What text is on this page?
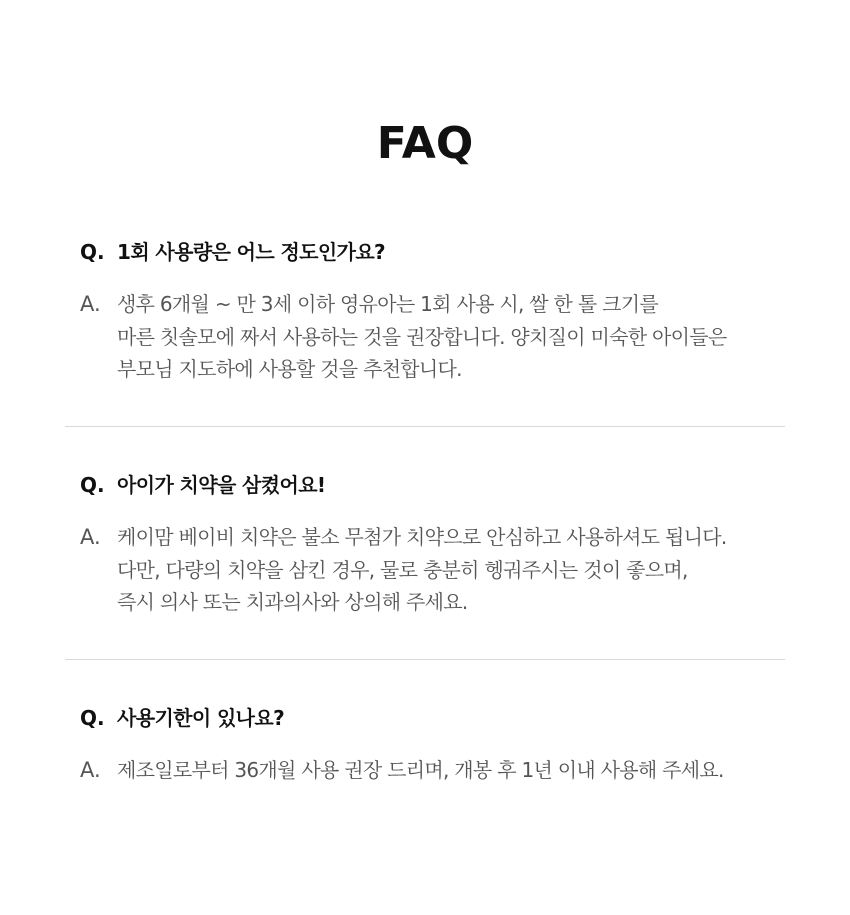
FAQ
Q. 1회 사용량은 어느 정도인가요?
A. 생후 6개월 ~ 만 3세 이하 영유아는 1회 사용 시, 쌀 한 톨 크기를
마른 칫솔모에 짜서 사용하는 것을 권장합니다. 양치질이 미숙한 아이들은
부모님 지도하에 사용할 것을 추천합니다.
Q. 아이가 치약을 삼켰어요!
A. 케이맘 베이비 치약은 불소 무첨가 치약으로 안심하고 사용하셔도 됩니다.
다만, 다량의 치약을 삼킨 경우, 물로 충분히 헹궈주시는 것이 좋으며,
즉시 의사 또는 치과의사와 상의해 주세요.
Q. 사용기한이 있나요?
A. 제조일로부터 36개월 사용 권장 드리며, 개봉 후 1년 이내 사용해 주세요.
